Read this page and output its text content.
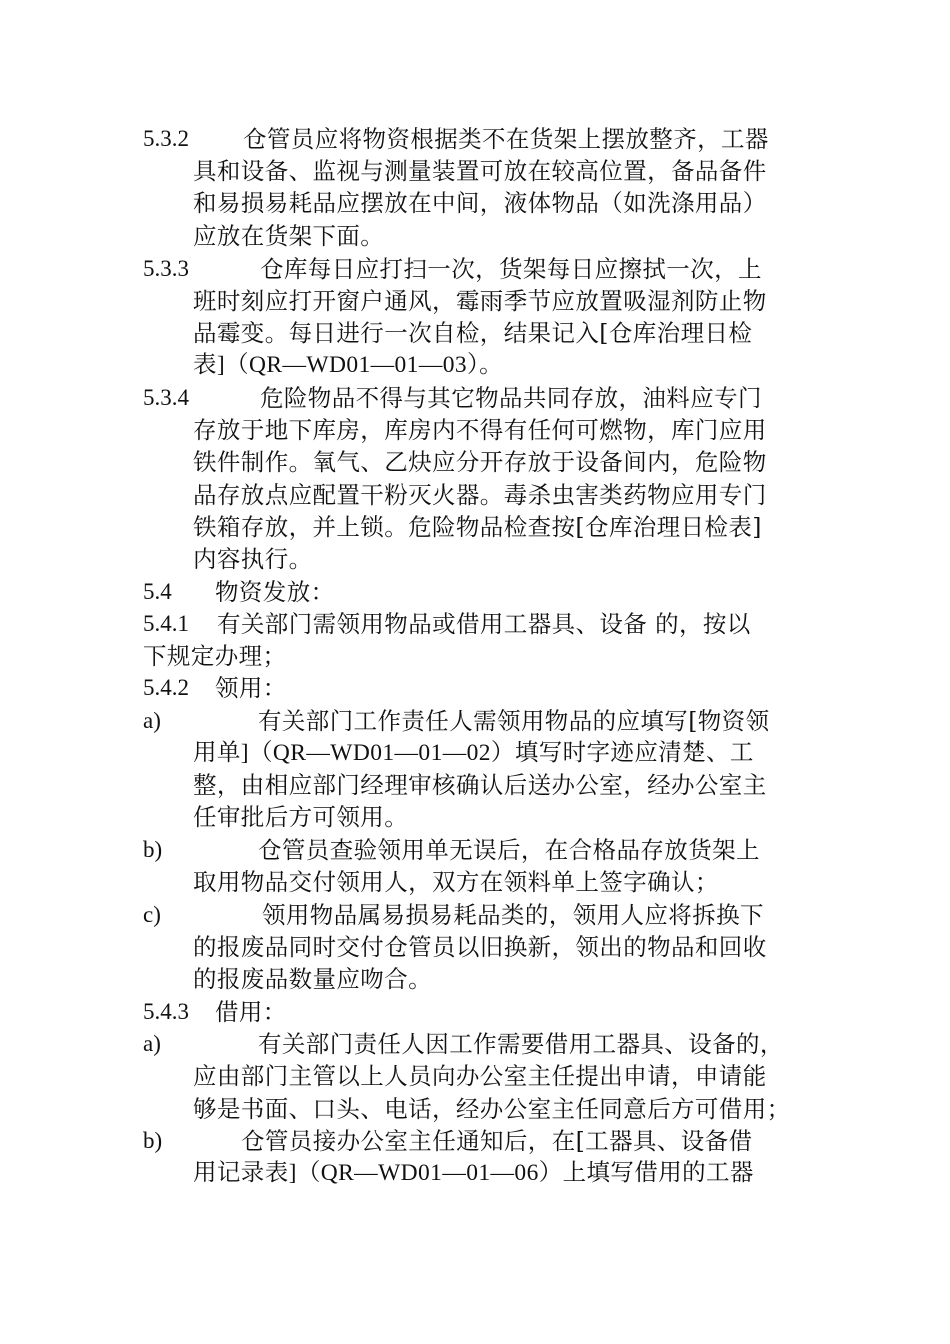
5.3.2 仓管员应将物资根据类不在货架上摆放整齐，工器
具和设备、监视与测量装置可放在较高位置，备品备件
和易损易耗品应摆放在中间，液体物品（如洗涤用品）
应放在货架下面。
5.3.3	仓库每日应打扫一次，货架每日应擦拭一次，上
班时刻应打开窗户通风，霉雨季节应放置吸湿剂防止物
品霉变。每日进行一次自检，结果记入[仓库治理日检
表]（QR—WD01—01—03）。
5.3.4	危险物品不得与其它物品共同存放，油料应专门
存放于地下库房，库房内不得有任何可燃物，库门应用
铁件制作。氧气、乙炔应分开存放于设备间内，危险物
品存放点应配置干粉灭火器。毒杀虫害类药物应用专门
铁箱存放，并上锁。危险物品检查按[仓库治理日检表]
内容执行。
5.4 物资发放：
5.4.1 有关部门需领用物品或借用工器具、设备 的，按以
下规定办理；
5.4.2 领用：
a)	有关部门工作责任人需领用物品的应填写[物资领
用单]（QR—WD01—01—02）填写时字迹应清楚、工
整，由相应部门经理审核确认后送办公室，经办公室主
任审批后方可领用。
b)	仓管员查验领用单无误后，在合格品存放货架上
取用物品交付领用人，双方在领料单上签字确认；
c)	领用物品属易损易耗品类的，领用人应将拆换下
的报废品同时交付仓管员以旧换新，领出的物品和回收
的报废品数量应吻合。
5.4.3 借用：
a)	有关部门责任人因工作需要借用工器具、设备的，
应由部门主管以上人员向办公室主任提出申请，申请能
够是书面、口头、电话，经办公室主任同意后方可借用；
b)	仓管员接办公室主任通知后，在[工器具、设备借
用记录表]（QR—WD01—01—06）上填写借用的工器
